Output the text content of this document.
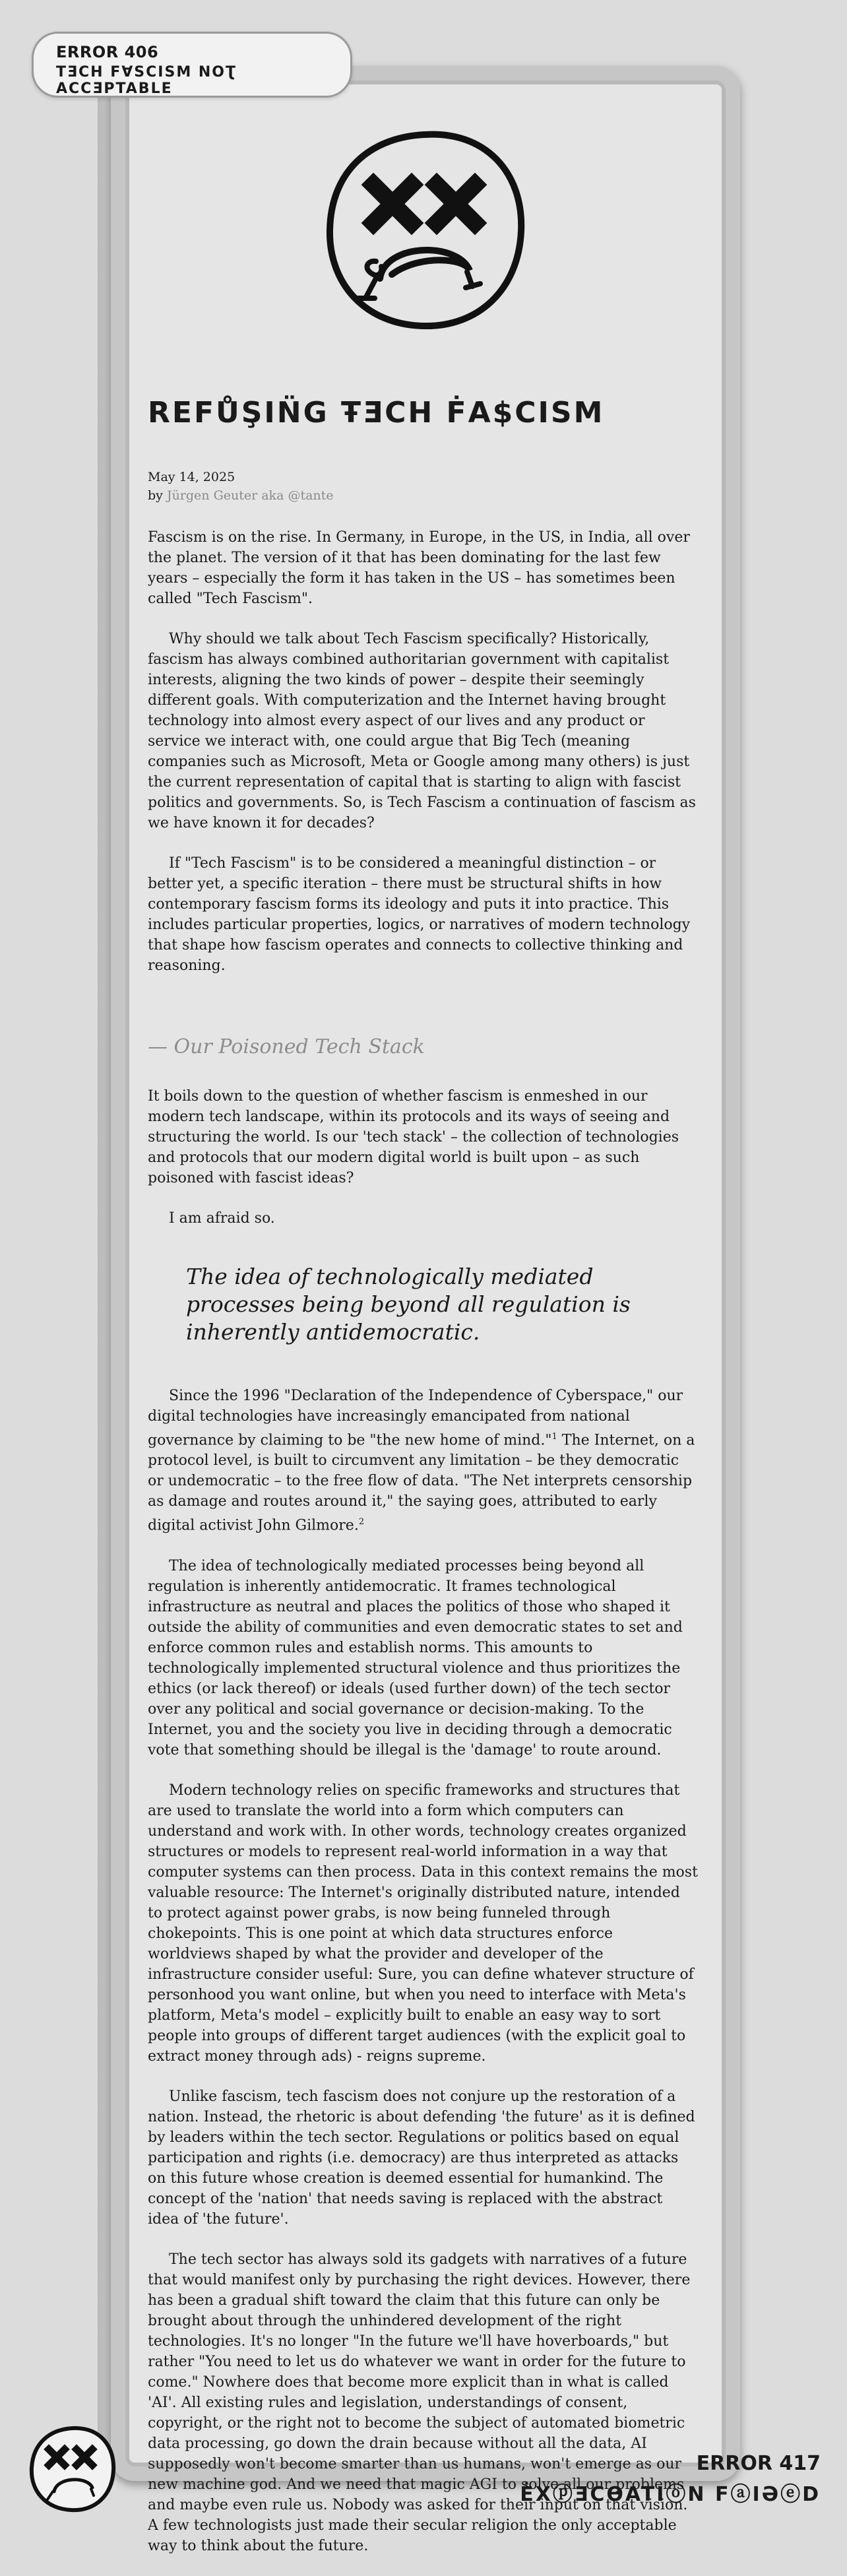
ERROR 406
TƎCH FⱯSCISM NOƮ ACCƎPTABLE
REFŮŞIN̈G ŦƎCH ḞA$CISM
May 14, 2025
by Jürgen Geuter aka @tante

Fascism is on the rise. In Germany, in Europe, in the US, in India, all over the planet. The version of it that has been dominating for the last few years – especially the form it has taken in the US – has sometimes been called "Tech Fascism".

Why should we talk about Tech Fascism specifically? Historically, fascism has always combined authoritarian government with capitalist interests, aligning the two kinds of power – despite their seemingly different goals. With computerization and the Internet having brought technology into almost every aspect of our lives and any product or service we interact with, one could argue that Big Tech (meaning companies such as Microsoft, Meta or Google among many others) is just the current representation of capital that is starting to align with fascist politics and governments. So, is Tech Fascism a continuation of fascism as we have known it for decades?

If "Tech Fascism" is to be considered a meaningful distinction – or better yet, a specific iteration – there must be structural shifts in how contemporary fascism forms its ideology and puts it into practice. This includes particular properties, logics, or narratives of modern technology that shape how fascism operates and connects to collective thinking and reasoning.

— Our Poisoned Tech Stack

It boils down to the question of whether fascism is enmeshed in our modern tech landscape, within its protocols and its ways of seeing and structuring the world. Is our 'tech stack' – the collection of technologies and protocols that our modern digital world is built upon – as such poisoned with fascist ideas?

I am afraid so.

The idea of technologically mediated processes being beyond all regulation is inherently antidemocratic.

Since the 1996 "Declaration of the Independence of Cyberspace," our digital technologies have increasingly emancipated from national governance by claiming to be "the new home of mind."$^1$ The Internet, on a protocol level, is built to circumvent any limitation – be they democratic or undemocratic – to the free flow of data. "The Net interprets censorship as damage and routes around it," the saying goes, attributed to early digital activist John Gilmore.$^2$

The idea of technologically mediated processes being beyond all regulation is inherently antidemocratic. It frames technological infrastructure as neutral and places the politics of those who shaped it outside the ability of communities and even democratic states to set and enforce common rules and establish norms. This amounts to technologically implemented structural violence and thus prioritizes the ethics (or lack thereof) or ideals (used further down) of the tech sector over any political and social governance or decision-making. To the Internet, you and the society you live in deciding through a democratic vote that something should be illegal is the 'damage' to route around.

Modern technology relies on specific frameworks and structures that are used to translate the world into a form which computers can understand and work with. In other words, technology creates organized structures or models to represent real-world information in a way that computer systems can then process. Data in this context remains the most valuable resource: The Internet's originally distributed nature, intended to protect against power grabs, is now being funneled through chokepoints. This is one point at which data structures enforce worldviews shaped by what the provider and developer of the infrastructure consider useful: Sure, you can define whatever structure of personhood you want online, but when you need to interface with Meta's platform, Meta's model – explicitly built to enable an easy way to sort people into groups of different target audiences (with the explicit goal to extract money through ads) - reigns supreme.

Unlike fascism, tech fascism does not conjure up the restoration of a nation. Instead, the rhetoric is about defending 'the future' as it is defined by leaders within the tech sector. Regulations or politics based on equal participation and rights (i.e. democracy) are thus interpreted as attacks on this future whose creation is deemed essential for humankind. The concept of the 'nation' that needs saving is replaced with the abstract idea of 'the future'.

The tech sector has always sold its gadgets with narratives of a future that would manifest only by purchasing the right devices. However, there has been a gradual shift toward the claim that this future can only be brought about through the unhindered development of the right technologies. It's no longer "In the future we'll have hoverboards," but rather "You need to let us do whatever we want in order for the future to come." Nowhere does that become more explicit than in what is called 'AI'. All existing rules and legislation, understandings of consent, copyright, or the right not to become the subject of automated biometric data processing, go down the drain because without all the data, AI supposedly won't become smarter than us humans, won't emerge as our new machine god. And we need that magic AGI to solve all our problems and maybe even rule us. Nobody was asked for their input on that vision. A few technologists just made their secular religion the only acceptable way to think about the future.

ERROR 417
ĖXⓟƎCƟATIⓞN FⓐIƏⓔD
